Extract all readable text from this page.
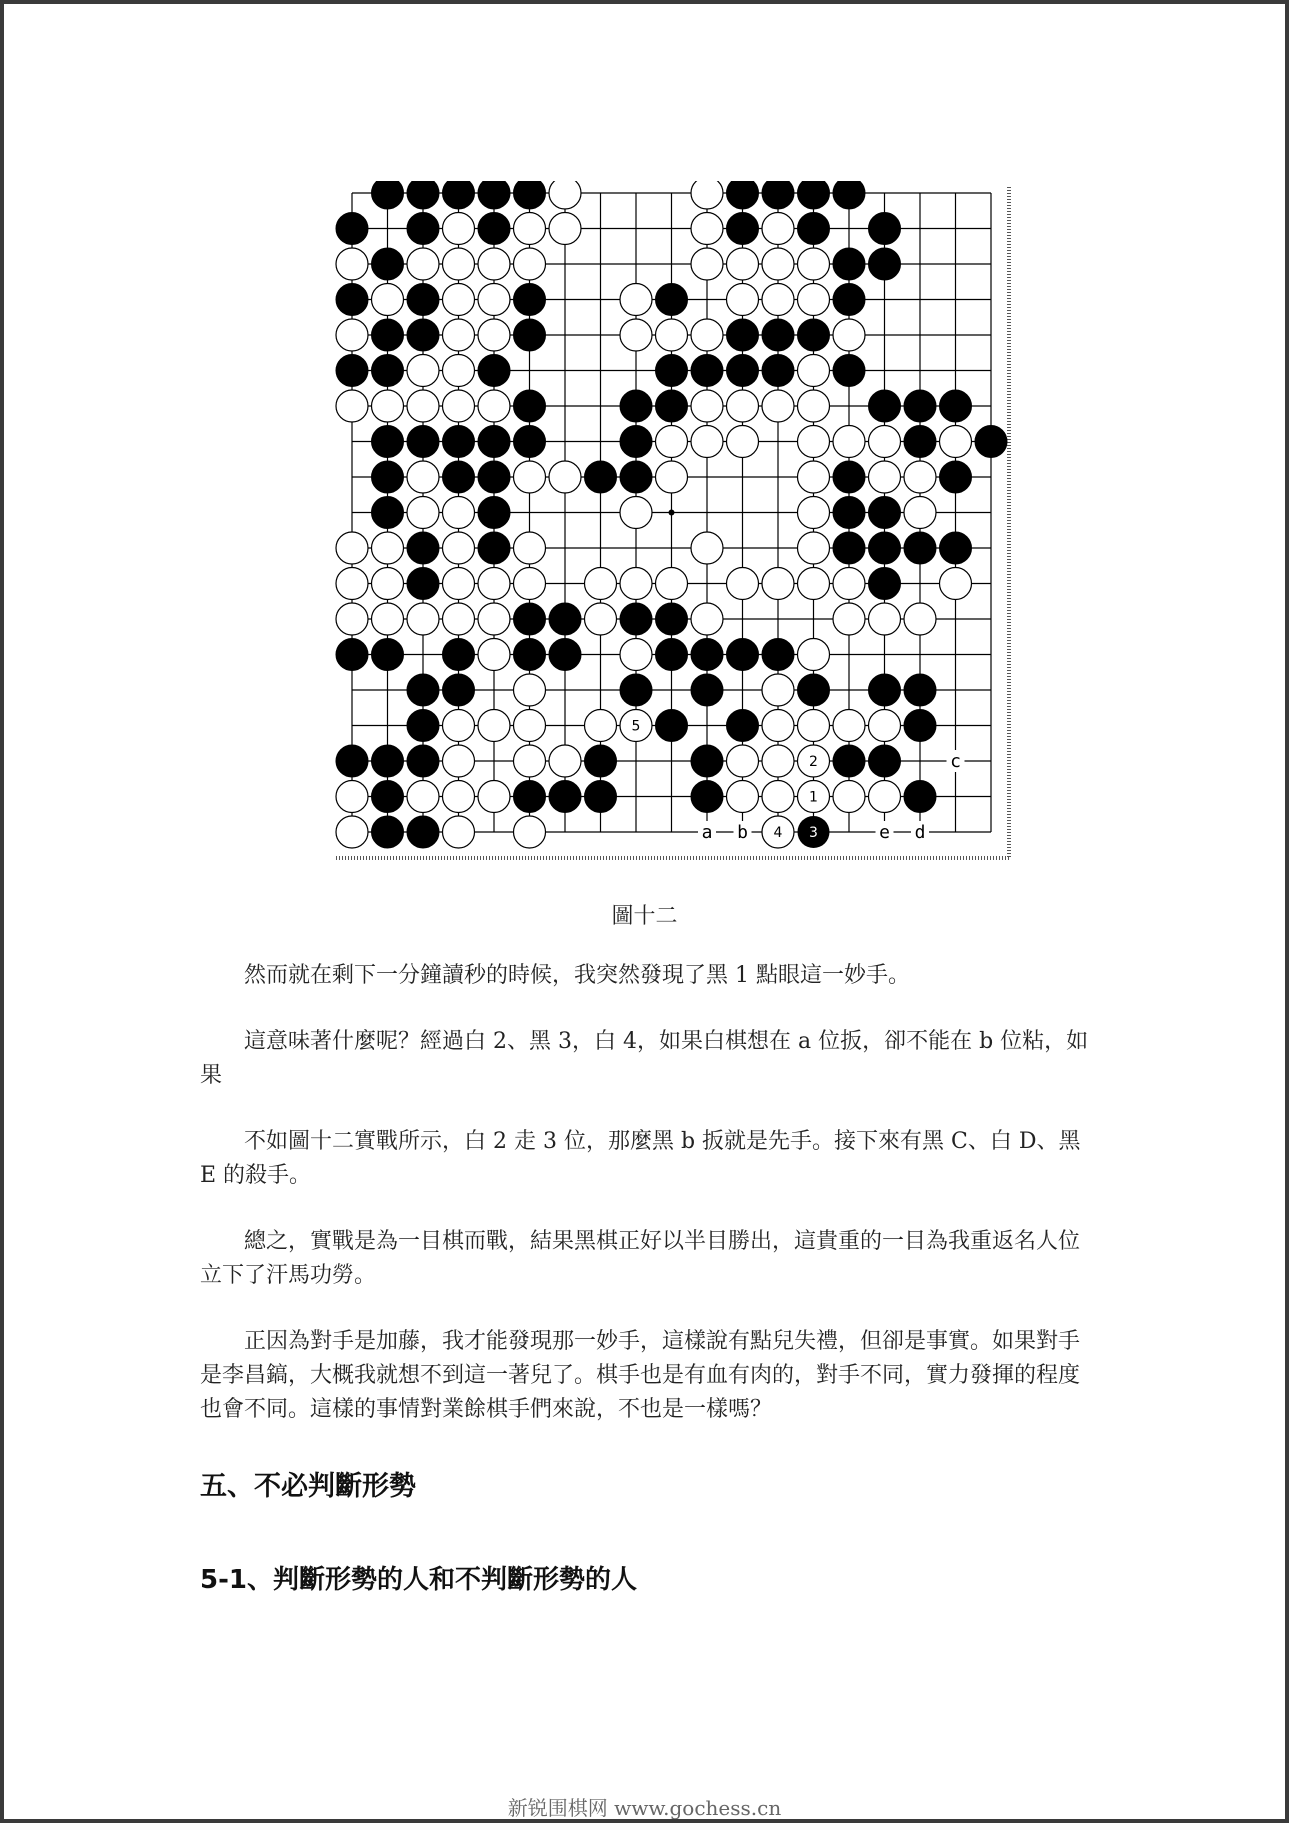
5
2	c
1
a b 4 3	e d
圖十二

然而就在剩下一分鐘讀秒的時候，我突然發現了黑 1 點眼這一妙手。

這意味著什麼呢？經過白 2、黑 3，白 4，如果白棋想在 a 位扳，卻不能在 b 位粘，如果

不如圖十二實戰所示，白 2 走 3 位，那麼黑 b 扳就是先手。接下來有黑 C、白 D、黑 E 的殺手。

總之，實戰是為一目棋而戰，結果黑棋正好以半目勝出，這貴重的一目為我重返名人位立下了汗馬功勞。

正因為對手是加藤，我才能發現那一妙手，這樣說有點兒失禮，但卻是事實。如果對手是李昌鎬，大概我就想不到這一著兒了。棋手也是有血有肉的，對手不同，實力發揮的程度也會不同。這樣的事情對業餘棋手們來說，不也是一樣嗎？

五、不必判斷形勢
5-1、判斷形勢的人和不判斷形勢的人
新锐围棋网 www.gochess.cn
